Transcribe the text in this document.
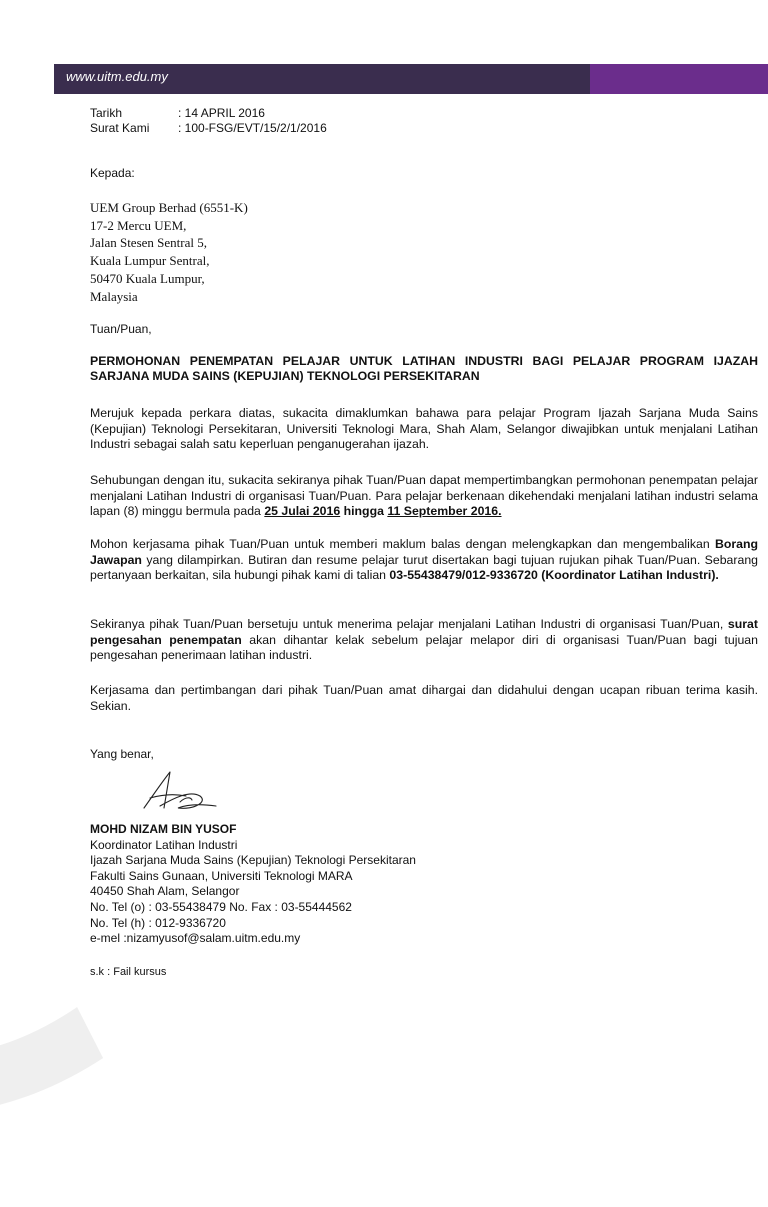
www.uitm.edu.my
Tarikh	: 14 APRIL 2016
Surat Kami	: 100-FSG/EVT/15/2/1/2016
Kepada:
UEM Group Berhad (6551-K)
17-2 Mercu UEM,
Jalan Stesen Sentral 5,
Kuala Lumpur Sentral,
50470 Kuala Lumpur,
Malaysia
Tuan/Puan,
PERMOHONAN PENEMPATAN PELAJAR UNTUK LATIHAN INDUSTRI BAGI PELAJAR PROGRAM IJAZAH SARJANA MUDA SAINS (KEPUJIAN) TEKNOLOGI PERSEKITARAN
Merujuk kepada perkara diatas, sukacita dimaklumkan bahawa para pelajar Program Ijazah Sarjana Muda Sains (Kepujian) Teknologi Persekitaran, Universiti Teknologi Mara, Shah Alam, Selangor diwajibkan untuk menjalani Latihan Industri sebagai salah satu keperluan penganugerahan ijazah.
Sehubungan dengan itu, sukacita sekiranya pihak Tuan/Puan dapat mempertimbangkan permohonan penempatan pelajar menjalani Latihan Industri di organisasi Tuan/Puan. Para pelajar berkenaan dikehendaki menjalani latihan industri selama lapan (8) minggu bermula pada 25 Julai 2016 hingga 11 September 2016.
Mohon kerjasama pihak Tuan/Puan untuk memberi maklum balas dengan melengkapkan dan mengembalikan Borang Jawapan yang dilampirkan. Butiran dan resume pelajar turut disertakan bagi tujuan rujukan pihak Tuan/Puan. Sebarang pertanyaan berkaitan, sila hubungi pihak kami di talian 03-55438479/012-9336720 (Koordinator Latihan Industri).
Sekiranya pihak Tuan/Puan bersetuju untuk menerima pelajar menjalani Latihan Industri di organisasi Tuan/Puan, surat pengesahan penempatan akan dihantar kelak sebelum pelajar melapor diri di organisasi Tuan/Puan bagi tujuan pengesahan penerimaan latihan industri.
Kerjasama dan pertimbangan dari pihak Tuan/Puan amat dihargai dan didahului dengan ucapan ribuan terima kasih. Sekian.
Yang benar,
MOHD NIZAM BIN YUSOF
Koordinator Latihan Industri
Ijazah Sarjana Muda Sains (Kepujian) Teknologi Persekitaran
Fakulti Sains Gunaan, Universiti Teknologi MARA
40450 Shah Alam, Selangor
No. Tel (o) : 03-55438479 No. Fax : 03-55444562
No. Tel (h) : 012-9336720
e-mel :nizamyusof@salam.uitm.edu.my
s.k : Fail kursus
